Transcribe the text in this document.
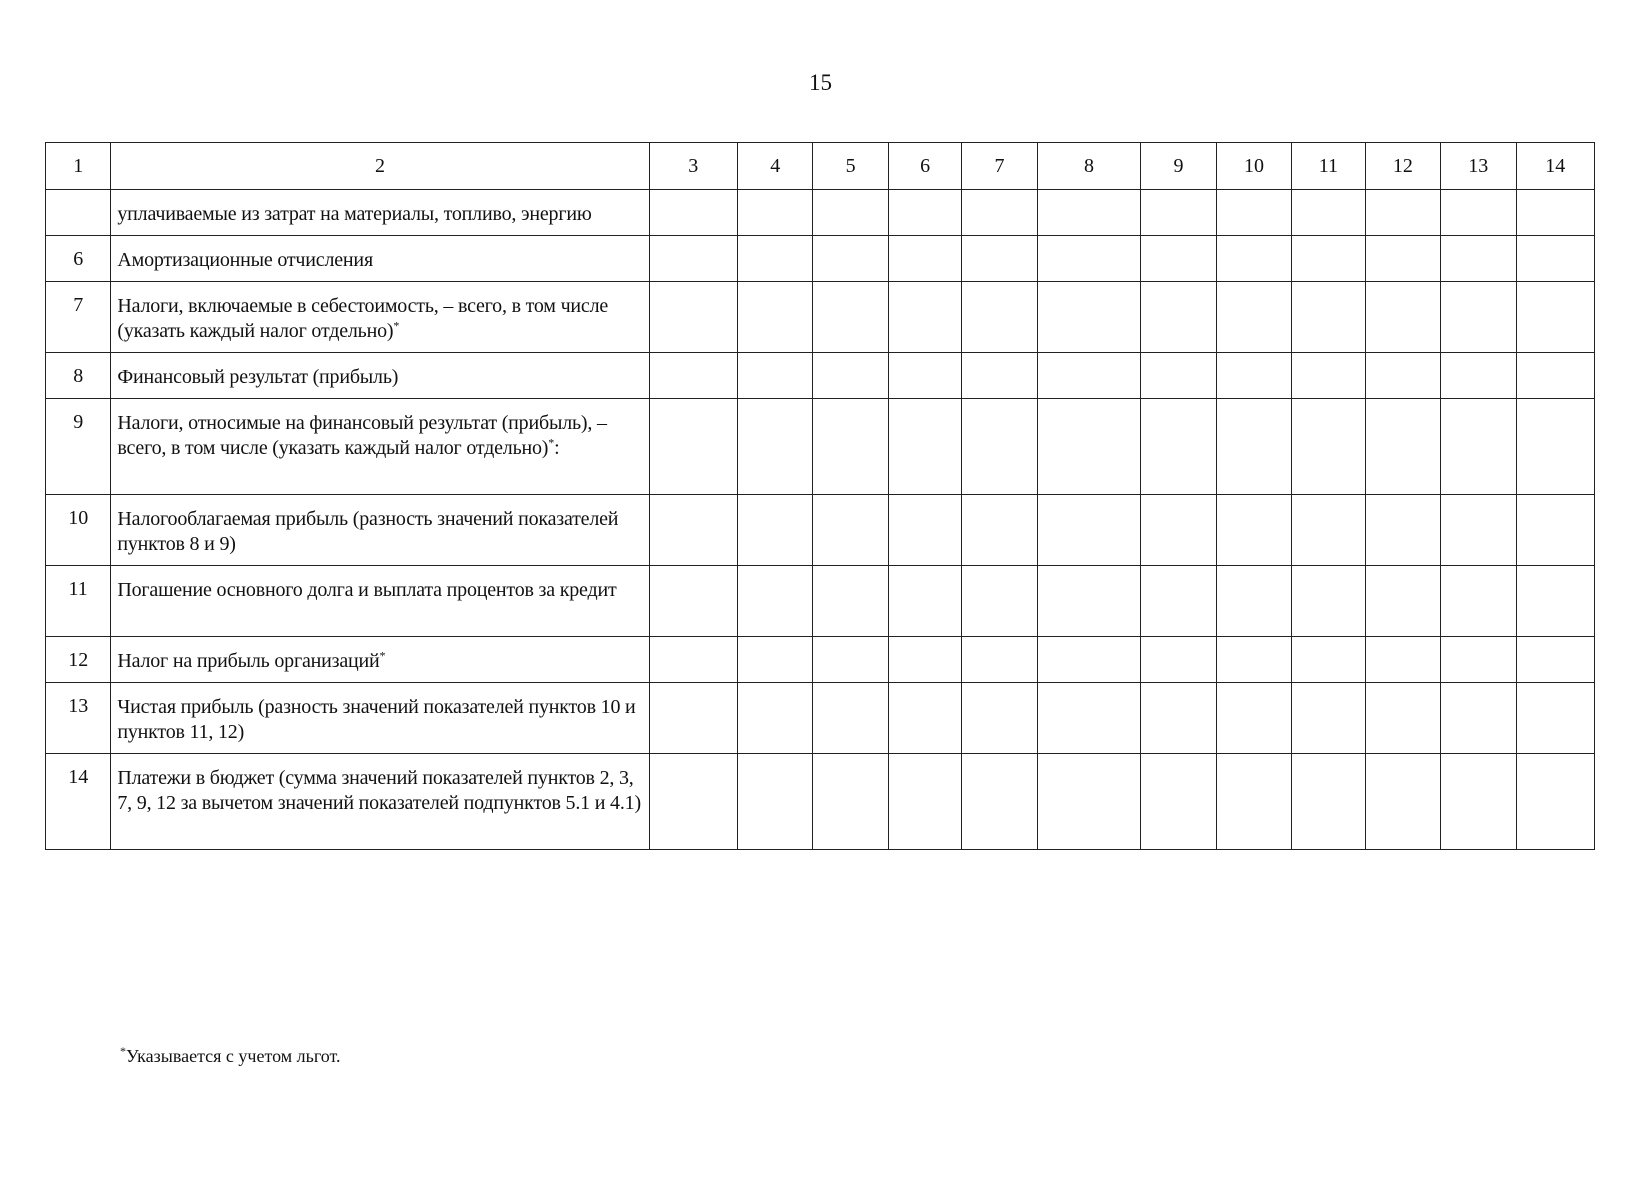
15
1	2	3	4	5	6	7	8	9	10	11	12	13	14
	уплачиваемые из затрат на материалы, топливо, энергию												
6	Амортизационные отчисления												
7	Налоги, включаемые в себестоимость, – всего, в том числе (указать каждый налог отдельно)*												
8	Финансовый результат (прибыль)												
9	Налоги, относимые на финансовый результат (прибыль), – всего, в том числе (указать каждый налог отдельно)*:												
10	Налогооблагаемая прибыль (разность значений показателей пунктов 8 и 9)												
11	Погашение основного долга и выплата процентов за кредит												
12	Налог на прибыль организаций*												
13	Чистая прибыль (разность значений показателей пунктов 10 и пунктов 11, 12)												
14	Платежи в бюджет (сумма значений показателей пунктов 2, 3, 7, 9, 12 за вычетом значений показателей подпунктов 5.1 и 4.1)												
*Указывается с учетом льгот.
